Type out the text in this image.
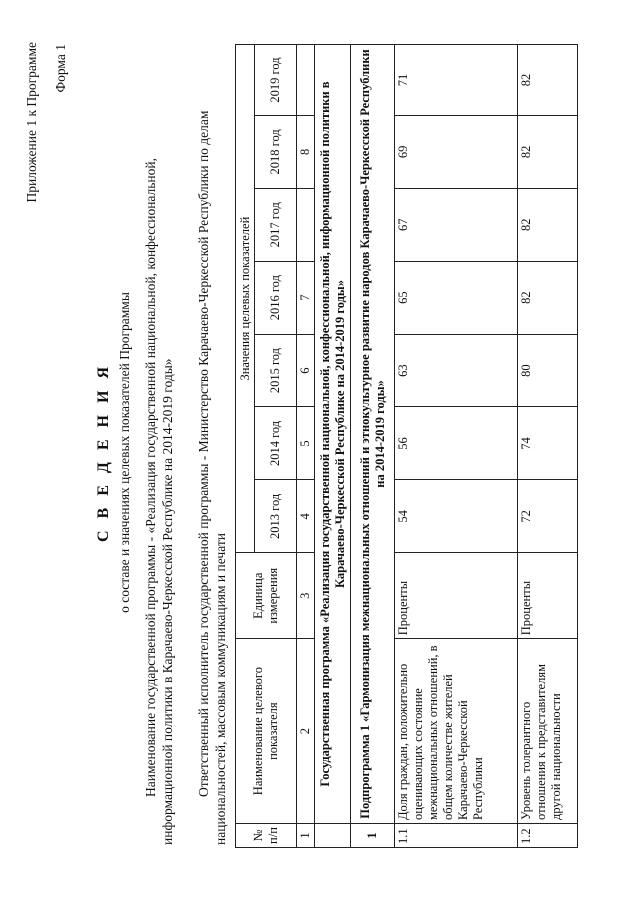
Приложение 1 к Программе Форма 1
С В Е Д Е Н И Я о составе и значениях целевых показателей Программы Наименование государственной программы - «Реализация государственной национальной, конфессиональной, информационной политики в Карачаево-Черкесской Республике на 2014-2019 годы» Ответственный исполнитель государственной программы - Министерство Карачаево-Черкесской Республики по делам национальностей, массовым коммуникациям и печати № п/п	Наименование целевого показателя	Единица измерения	Значения целевых показателей						
			2013 год	2014 год	2015 год	2016 год	2017 год	2018 год	2019 год
1	2	3	4	5	6	7		8	
	Государственная программа «Реализация государственной национальной, конфессиональной, информационной политики в Карачаево-Черкесской Республике на 2014-2019 годы»								
1	Подпрограмма 1 «Гармонизация межнациональных отношений и этнокультурное развитие народов Карачаево-Черкесской Республики на 2014-2019 годы»								
1.1	Доля граждан, положительно оценивающих состояние межнациональных отношений, в общем количестве жителей Карачаево-Черкесской Республики	Проценты	54	56	63	65	67	69	71
1.2	Уровень толерантного отношения к представителям другой национальности	Проценты	72	74	80	82	82	82	82
